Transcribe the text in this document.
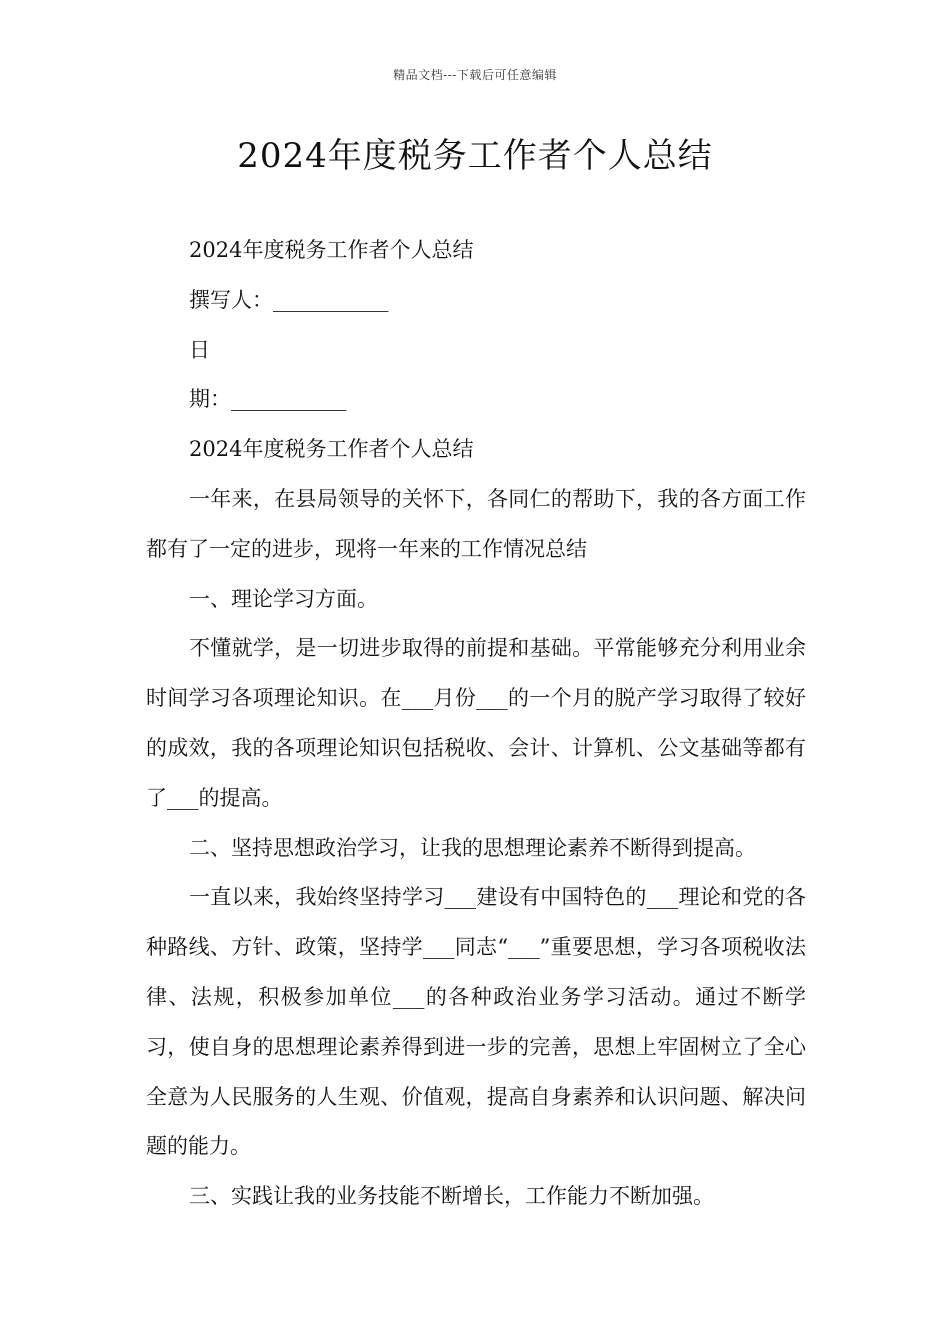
精品文档---下载后可任意编辑
2024年度税务工作者个人总结

2024年度税务工作者个人总结

撰写人：___________

日

期：___________

2024年度税务工作者个人总结

一年来，在县局领导的关怀下，各同仁的帮助下，我的各方面工作都有了一定的进步，现将一年来的工作情况总结

一、理论学习方面。

不懂就学，是一切进步取得的前提和基础。平常能够充分利用业余时间学习各项理论知识。在___月份___的一个月的脱产学习取得了较好的成效，我的各项理论知识包括税收、会计、计算机、公文基础等都有了___的提高。

二、坚持思想政治学习，让我的思想理论素养不断得到提高。

一直以来，我始终坚持学习___建设有中国特色的___理论和党的各种路线、方针、政策，坚持学___同志“___”重要思想，学习各项税收法律、法规，积极参加单位___的各种政治业务学习活动。通过不断学习，使自身的思想理论素养得到进一步的完善，思想上牢固树立了全心全意为人民服务的人生观、价值观，提高自身素养和认识问题、解决问题的能力。

三、实践让我的业务技能不断增长，工作能力不断加强。
